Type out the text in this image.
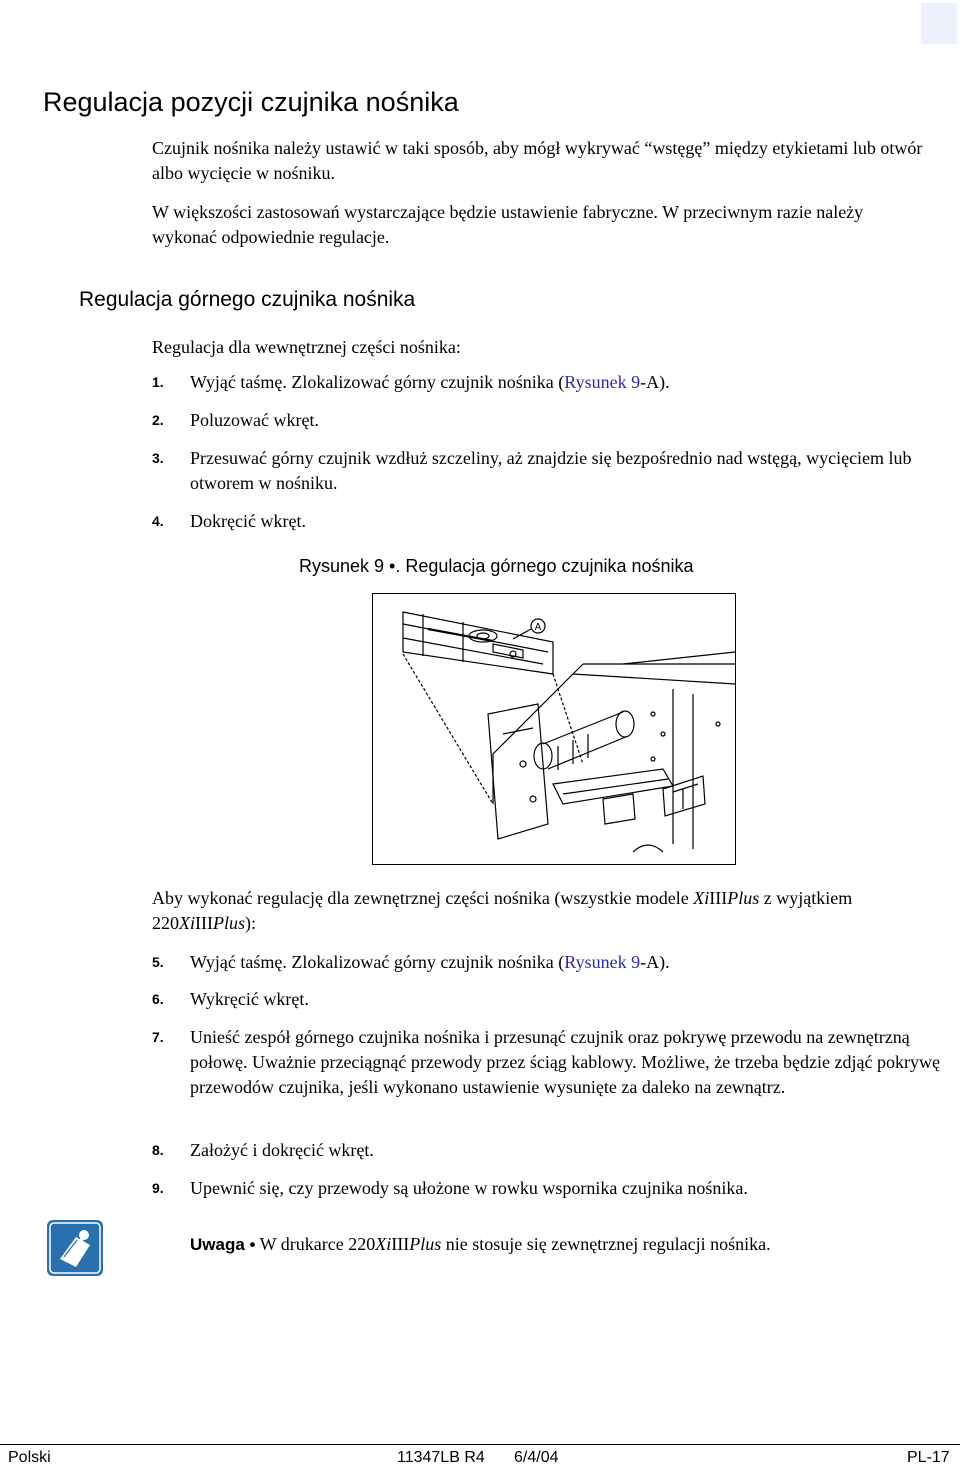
Regulacja pozycji czujnika nośnika

Czujnik nośnika należy ustawić w taki sposób, aby mógł wykrywać “wstęgę” między etykietami lub otwór albo wycięcie w nośniku.

W większości zastosowań wystarczające będzie ustawienie fabryczne. W przeciwnym razie należy wykonać odpowiednie regulacje.

Regulacja górnego czujnika nośnika

Regulacja dla wewnętrznej części nośnika:

1.	Wyjąć taśmę. Zlokalizować górny czujnik nośnika (Rysunek 9-A).
2.	Poluzować wkręt.
3.	Przesuwać górny czujnik wzdłuż szczeliny, aż znajdzie się bezpośrednio nad wstęgą, wycięciem lub otworem w nośniku.
4.	Dokręcić wkręt.

Rysunek 9 •. Regulacja górnego czujnika nośnika

A

Aby wykonać regulację dla zewnętrznej części nośnika (wszystkie modele XiIIIPlus z wyjątkiem 220XiIIIPlus):

5.	Wyjąć taśmę. Zlokalizować górny czujnik nośnika (Rysunek 9-A).
6.	Wykręcić wkręt.
7.	Unieść zespół górnego czujnika nośnika i przesunąć czujnik oraz pokrywę przewodu na zewnętrzną połowę. Uważnie przeciągnąć przewody przez ściąg kablowy. Możliwe, że trzeba będzie zdjąć pokrywę przewodów czujnika, jeśli wykonano ustawienie wysunięte za daleko na zewnątrz.
8.	Założyć i dokręcić wkręt.
9.	Upewnić się, czy przewody są ułożone w rowku wspornika czujnika nośnika.
Uwaga • W drukarce 220XiIIIPlus nie stosuje się zewnętrznej regulacji nośnika.
Polski	11347LB R4 6/4/04	PL-17
